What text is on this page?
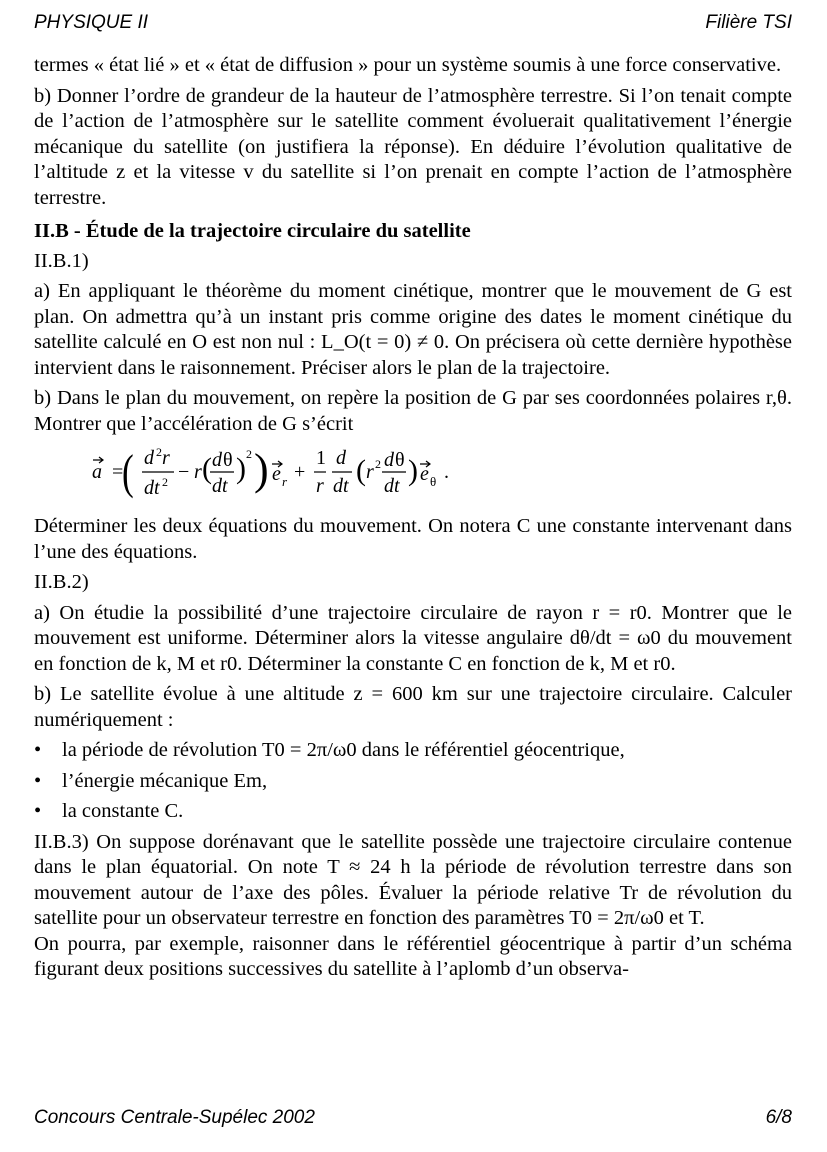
PHYSIQUE II	Filière TSI

termes « état lié » et « état de diffusion » pour un système soumis à une force conservative.

b) Donner l’ordre de grandeur de la hauteur de l’atmosphère terrestre. Si l’on tenait compte de l’action de l’atmosphère sur le satellite comment évoluerait qualitativement l’énergie mécanique du satellite (on justifiera la réponse). En déduire l’évolution qualitative de l’altitude z et la vitesse v du satellite si l’on prenait en compte l’action de l’atmosphère terrestre.

II.B - Étude de la trajectoire circulaire du satellite
II.B.1)

a) En appliquant le théorème du moment cinétique, montrer que le mouvement de G est plan. On admettra qu’à un instant pris comme origine des dates le moment cinétique du satellite calculé en O est non nul : L_O(t = 0) ≠ 0. On précisera où cette dernière hypothèse intervient dans le raisonnement. Préciser alors le plan de la trajectoire.

b) Dans le plan du mouvement, on repère la position de G par ses coordonnées polaires r,θ. Montrer que l’accélération de G s’écrit

a =
( d 2 r
dt 2 − r ( d θ
dt
) 2 ) e r +
1
r
d
dt ( r 2 d θ
dt ) e θ .

Déterminer les deux équations du mouvement. On notera C une constante intervenant dans l’une des équations.

II.B.2)

a) On étudie la possibilité d’une trajectoire circulaire de rayon r = r0. Montrer que le mouvement est uniforme. Déterminer alors la vitesse angulaire dθ/dt = ω0 du mouvement en fonction de k, M et r0. Déterminer la constante C en fonction de k, M et r0.

b) Le satellite évolue à une altitude z = 600 km sur une trajectoire circulaire. Calculer numériquement :

•	la période de révolution T0 = 2π/ω0 dans le référentiel géocentrique,
•	l’énergie mécanique Em,
•	la constante C.

II.B.3) On suppose dorénavant que le satellite possède une trajectoire circulaire contenue dans le plan équatorial. On note T ≈ 24 h la période de révolution terrestre dans son mouvement autour de l’axe des pôles. Évaluer la période relative Tr de révolution du satellite pour un observateur terrestre en fonction des paramètres T0 = 2π/ω0 et T.

On pourra, par exemple, raisonner dans le référentiel géocentrique à partir d’un schéma figurant deux positions successives du satellite à l’aplomb d’un observa-

Concours Centrale-Supélec 2002	6/8
